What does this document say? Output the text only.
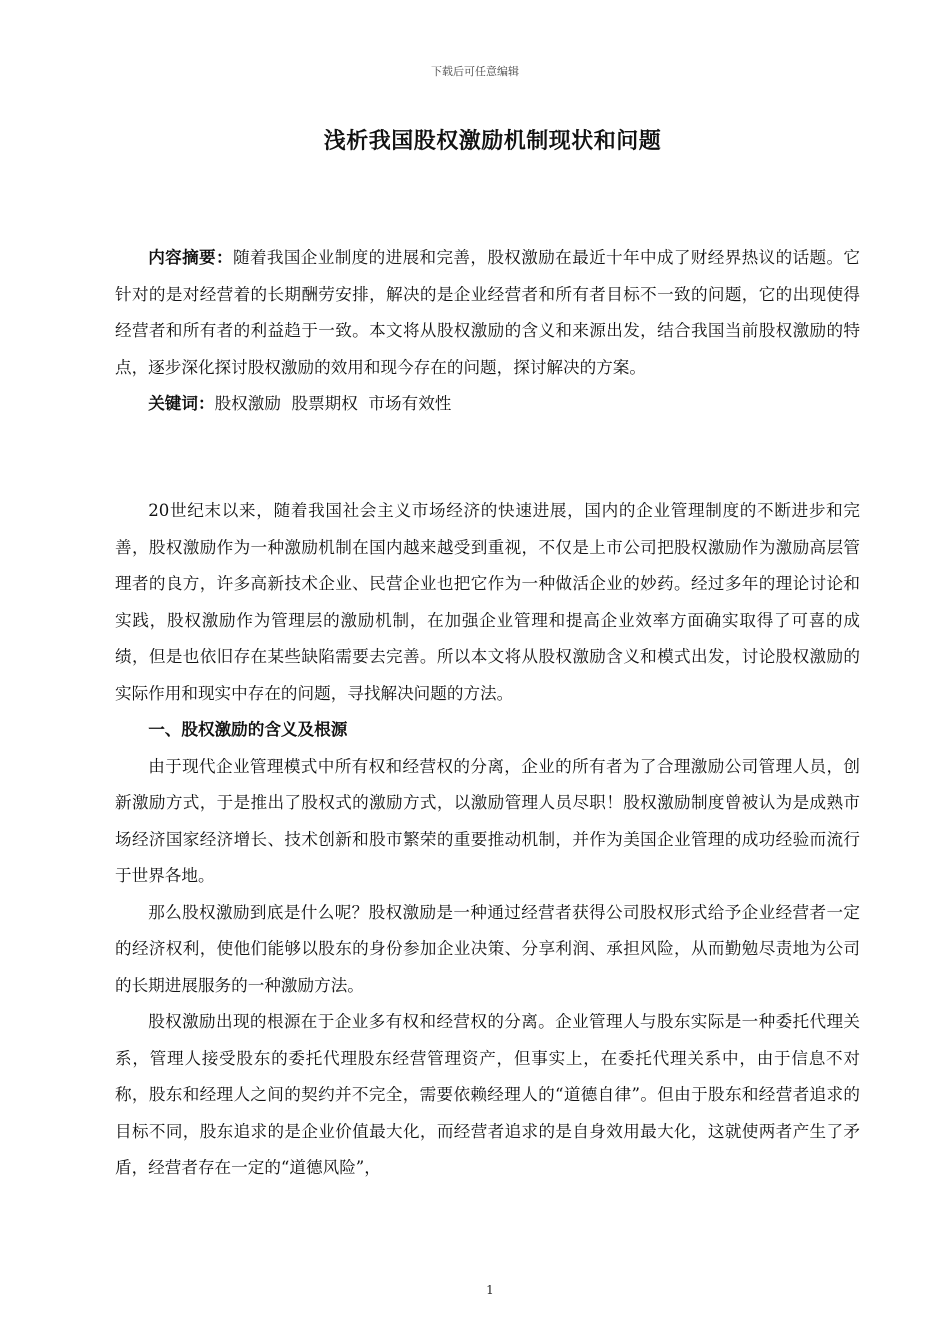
下载后可任意编辑
浅析我国股权激励机制现状和问题

内容摘要：随着我国企业制度的进展和完善，股权激励在最近十年中成了财经界热议的话题。它针对的是对经营着的长期酬劳安排，解决的是企业经营者和所有者目标不一致的问题，它的出现使得经营者和所有者的利益趋于一致。本文将从股权激励的含义和来源出发，结合我国当前股权激励的特点，逐步深化探讨股权激励的效用和现今存在的问题，探讨解决的方案。

关键词：股权激励  股票期权  市场有效性

20世纪末以来，随着我国社会主义市场经济的快速进展，国内的企业管理制度的不断进步和完善，股权激励作为一种激励机制在国内越来越受到重视，不仅是上市公司把股权激励作为激励高层管理者的良方，许多高新技术企业、民营企业也把它作为一种做活企业的妙药。经过多年的理论讨论和实践，股权激励作为管理层的激励机制，在加强企业管理和提高企业效率方面确实取得了可喜的成绩，但是也依旧存在某些缺陷需要去完善。所以本文将从股权激励含义和模式出发，讨论股权激励的实际作用和现实中存在的问题，寻找解决问题的方法。

一、股权激励的含义及根源

由于现代企业管理模式中所有权和经营权的分离，企业的所有者为了合理激励公司管理人员，创新激励方式，于是推出了股权式的激励方式，以激励管理人员尽职！股权激励制度曾被认为是成熟市场经济国家经济增长、技术创新和股市繁荣的重要推动机制，并作为美国企业管理的成功经验而流行于世界各地。

那么股权激励到底是什么呢？股权激励是一种通过经营者获得公司股权形式给予企业经营者一定的经济权利，使他们能够以股东的身份参加企业决策、分享利润、承担风险，从而勤勉尽责地为公司的长期进展服务的一种激励方法。

股权激励出现的根源在于企业多有权和经营权的分离。企业管理人与股东实际是一种委托代理关系，管理人接受股东的委托代理股东经营管理资产，但事实上，在委托代理关系中，由于信息不对称，股东和经理人之间的契约并不完全，需要依赖经理人的“道德自律”。但由于股东和经营者追求的目标不同，股东追求的是企业价值最大化，而经营者追求的是自身效用最大化，这就使两者产生了矛盾，经营者存在一定的“道德风险”，

1
